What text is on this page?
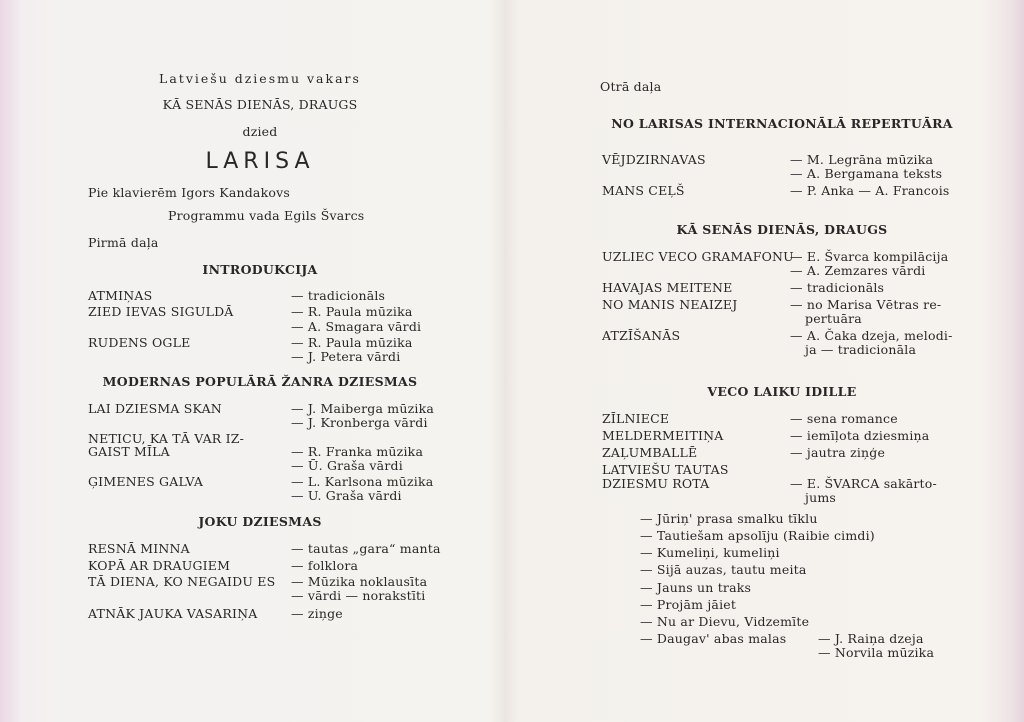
Latviešu dziesmu vakars
KĀ SENĀS DIENĀS, DRAUGS
dzied
LARISA
Pie klavierēm Igors Kandakovs
Programmu vada Egils Švarcs
Pirmā daļa
INTRODUKCIJA
ATMIŅAS	— tradicionāls
ZIED IEVAS SIGULDĀ	— R. Paula mūzika
— A. Smagara vārdi
RUDENS OGLE	— R. Paula mūzika
— J. Petera vārdi
MODERNAS POPULĀRĀ ŽANRA DZIESMAS
LAI DZIESMA SKAN	— J. Maiberga mūzika
— J. Kronberga vārdi
NETICU, KA TĀ VAR IZ-
GAIST MĪLA	— R. Franka mūzika
— Ū. Graša vārdi
ĢIMENES GALVA	— L. Karlsona mūzika
— U. Graša vārdi
JOKU DZIESMAS
RESNĀ MINNA	— tautas „gara“ manta
KOPĀ AR DRAUGIEM	— folklora
TĀ DIENA, KO NEGAIDU ES — Mūzika noklausīta
— vārdi — norakstīti
ATNĀK JAUKA VASARIŅA	— ziņge
Otrā daļa
NO LARISAS INTERNACIONĀLĀ REPERTUĀRA
VĒJDZIRNAVAS	— M. Legrāna mūzika
— A. Bergamana teksts
MANS CEĻŠ	— P. Anka — A. Francois
KĀ SENĀS DIENĀS, DRAUGS
UZLIEC VECO GRAMAFONU
— E. Švarca kompilācija
— A. Zemzares vārdi
HAVAJAS MEITENE	— tradicionāls
NO MANIS NEAIZEJ	— no Marisa Vētras re-
pertuāra
ATZĪŠANĀS	— A. Čaka dzeja, melodi-
ja — tradicionāla
VECO LAIKU IDILLE
ZĪLNIECE	— sena romance
MELDERMEITIŅA	— iemīļota dziesmiņa
ZAĻUMBALLĒ	— jautra ziņģe
LATVIEŠU TAUTAS
DZIESMU ROTA	— E. ŠVARCA sakārto-
jums
— Jūriņ' prasa smalku tīklu
— Tautiešam apsolīju (Raibie cimdi)
— Kumeliņi, kumeliņi
— Sijā auzas, tautu meita
— Jauns un traks
— Projām jāiet
— Nu ar Dievu, Vidzemīte
— Daugav' abas malas	— J. Raiņa dzeja
— Norvila mūzika
